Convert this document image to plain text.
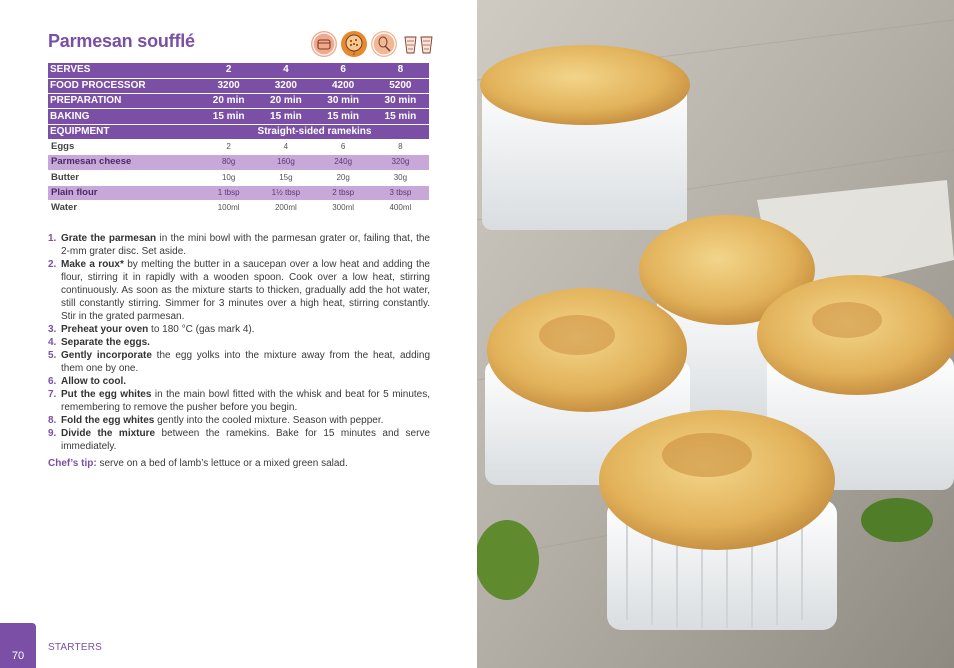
Parmesan soufflé
2
SERVES	2	4	6	8
FOOD PROCESSOR	3200	3200	4200	5200
PREPARATION	20 min	20 min	30 min	30 min
BAKING	15 min	15 min	15 min	15 min
EQUIPMENT	Straight-sided ramekins			
Eggs	2	4	6	8
Parmesan cheese	80g	160g	240g	320g
Butter	10g	15g	20g	30g
Plain flour	1 tbsp	1½ tbsp	2 tbsp	3 tbsp
Water	100ml	200ml	300ml	400ml
1. Grate the parmesan in the mini bowl with the parmesan grater or, failing that, the 2-mm grater disc. Set aside.
2. Make a roux* by melting the butter in a saucepan over a low heat and adding the flour, stirring it in rapidly with a wooden spoon. Cook over a low heat, stirring continuously. As soon as the mixture starts to thicken, gradually add the hot water, still constantly stirring. Simmer for 3 minutes over a high heat, stirring constantly. Stir in the grated parmesan.
3. Preheat your oven to 180 °C (gas mark 4).
4. Separate the eggs.
5. Gently incorporate the egg yolks into the mixture away from the heat, adding them one by one.
6. Allow to cool.
7. Put the egg whites in the main bowl fitted with the whisk and beat for 5 minutes, remembering to remove the pusher before you begin.
8. Fold the egg whites gently into the cooled mixture. Season with pepper.
9. Divide the mixture between the ramekins. Bake for 15 minutes and serve immediately.

Chef’s tip: serve on a bed of lamb’s lettuce or a mixed green salad.

70
STARTERS
